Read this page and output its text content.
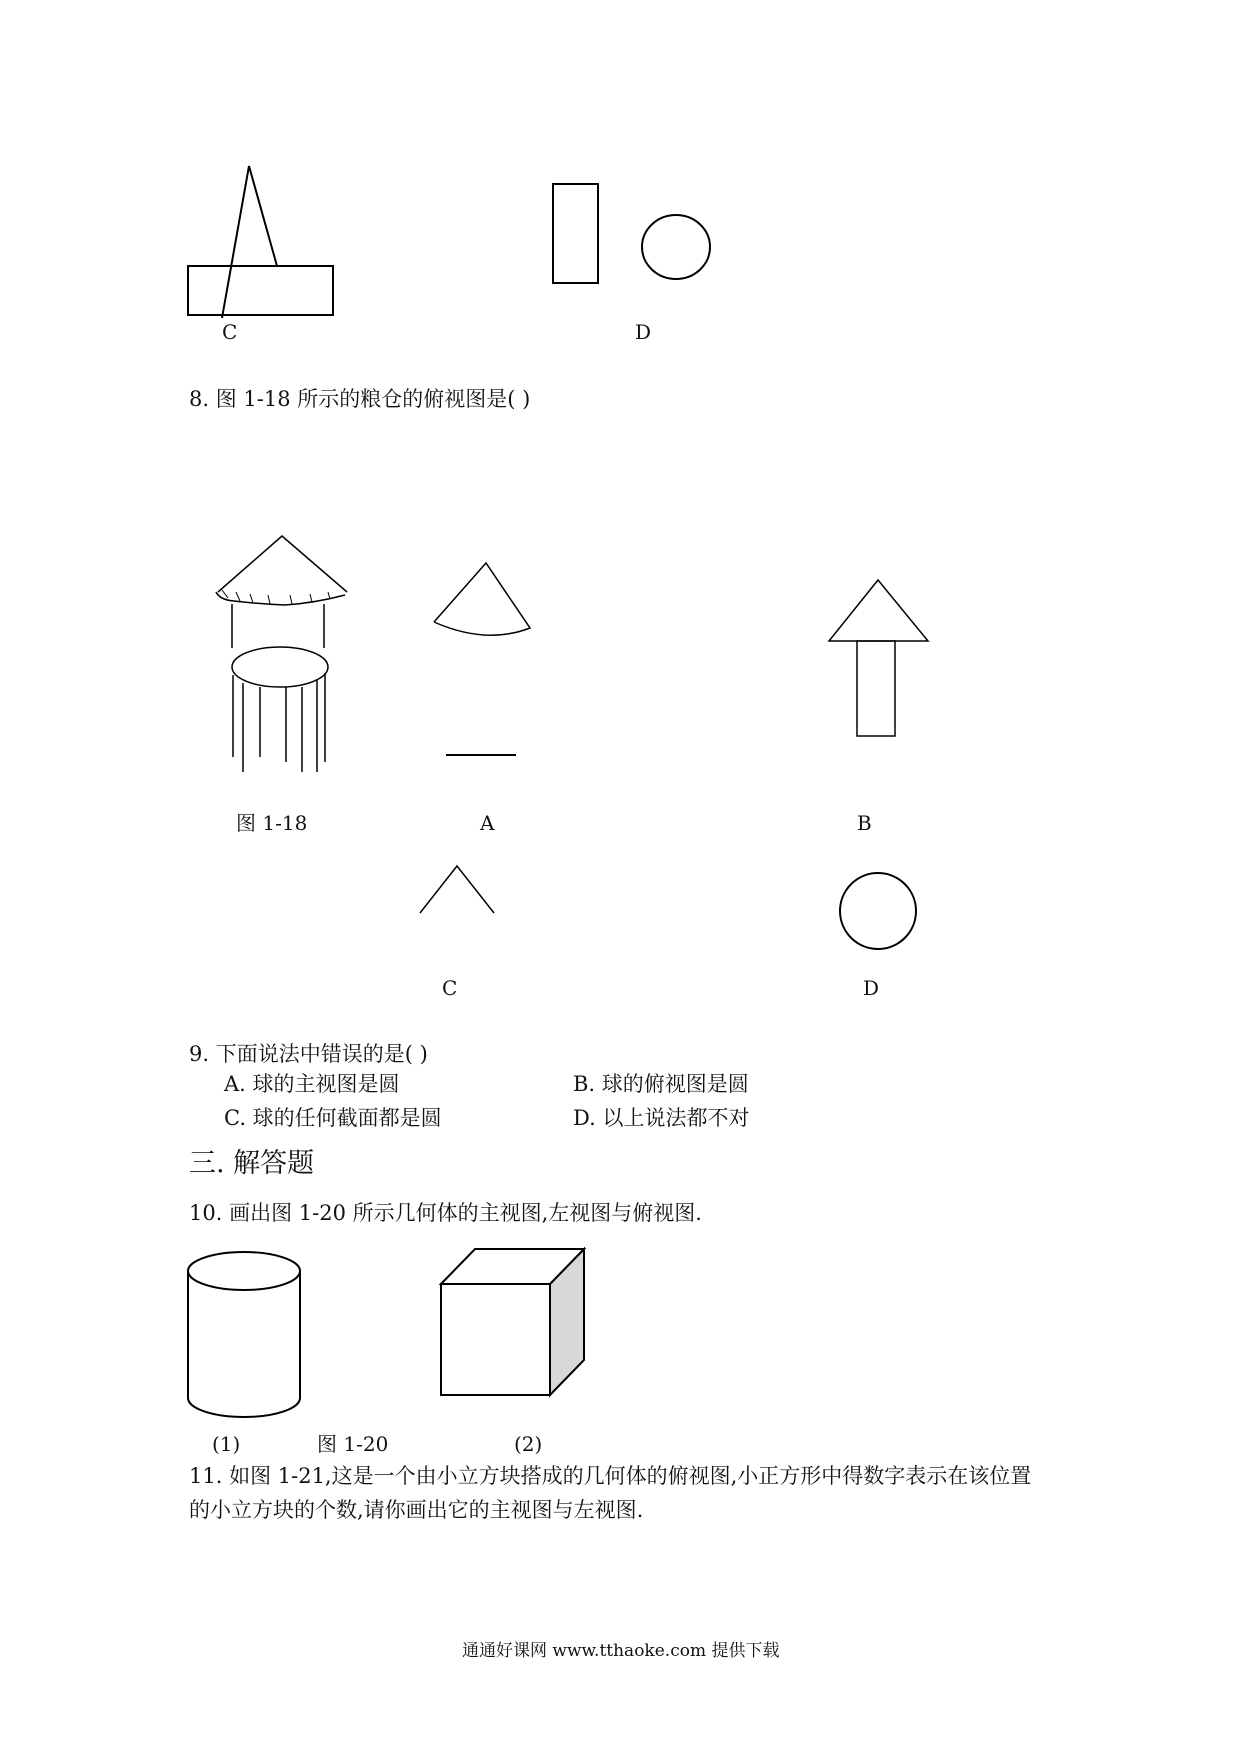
C	D
8. 图 1-18 所示的粮仓的俯视图是( )
图 1-18	A	B
C	D
9. 下面说法中错误的是( )
A. 球的主视图是圆	B. 球的俯视图是圆
C. 球的任何截面都是圆	D. 以上说法都不对
三. 解答题
10. 画出图 1-20 所示几何体的主视图,左视图与俯视图.
(1)	图 1-20	(2)
11. 如图 1-21,这是一个由小立方块搭成的几何体的俯视图,小正方形中得数字表示在该位置
的小立方块的个数,请你画出它的主视图与左视图.
通通好课网 www.tthaoke.com 提供下载
